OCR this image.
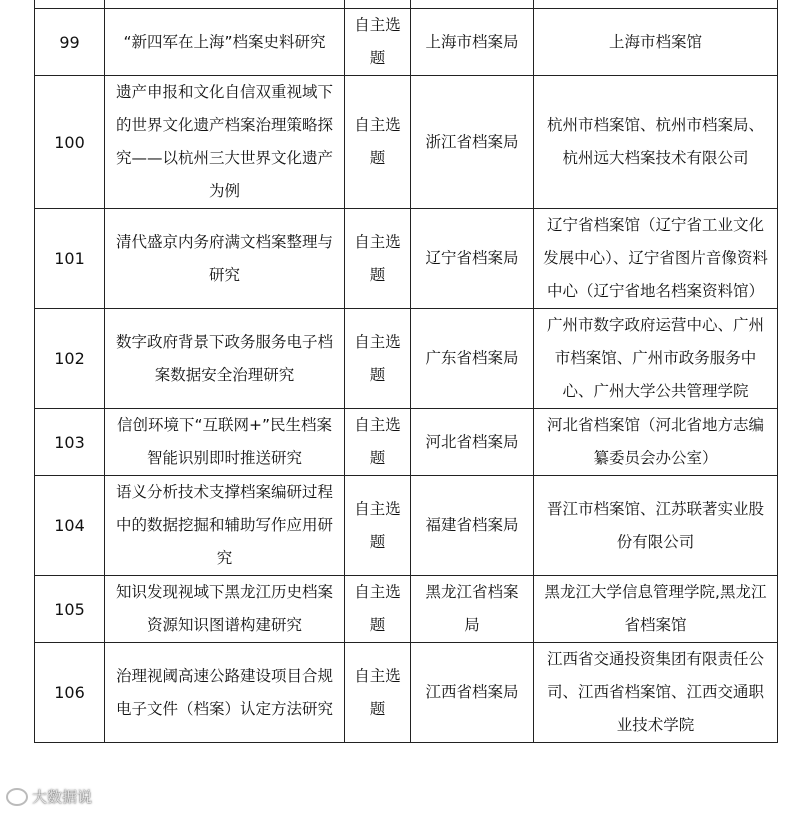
99	“新四军在上海”档案史料研究	自主选题	上海市档案局	上海市档案馆
100	遗产申报和文化自信双重视域下的世界文化遗产档案治理策略探究——以杭州三大世界文化遗产为例	自主选题	浙江省档案局	杭州市档案馆、杭州市档案局、杭州远大档案技术有限公司
101	清代盛京内务府满文档案整理与研究	自主选题	辽宁省档案局	辽宁省档案馆（辽宁省工业文化发展中心）、辽宁省图片音像资料中心（辽宁省地名档案资料馆）
102	数字政府背景下政务服务电子档案数据安全治理研究	自主选题	广东省档案局	广州市数字政府运营中心、广州市档案馆、广州市政务服务中心、广州大学公共管理学院
103	信创环境下“互联网+”民生档案智能识别即时推送研究	自主选题	河北省档案局	河北省档案馆（河北省地方志编纂委员会办公室）
104	语义分析技术支撑档案编研过程中的数据挖掘和辅助写作应用研究	自主选题	福建省档案局	晋江市档案馆、江苏联著实业股份有限公司
105	知识发现视域下黑龙江历史档案资源知识图谱构建研究	自主选题	黑龙江省档案局	黑龙江大学信息管理学院,黑龙江省档案馆
106	治理视阈高速公路建设项目合规电子文件（档案）认定方法研究	自主选题	江西省档案局	江西省交通投资集团有限责任公司、江西省档案馆、江西交通职业技术学院
大数据说
